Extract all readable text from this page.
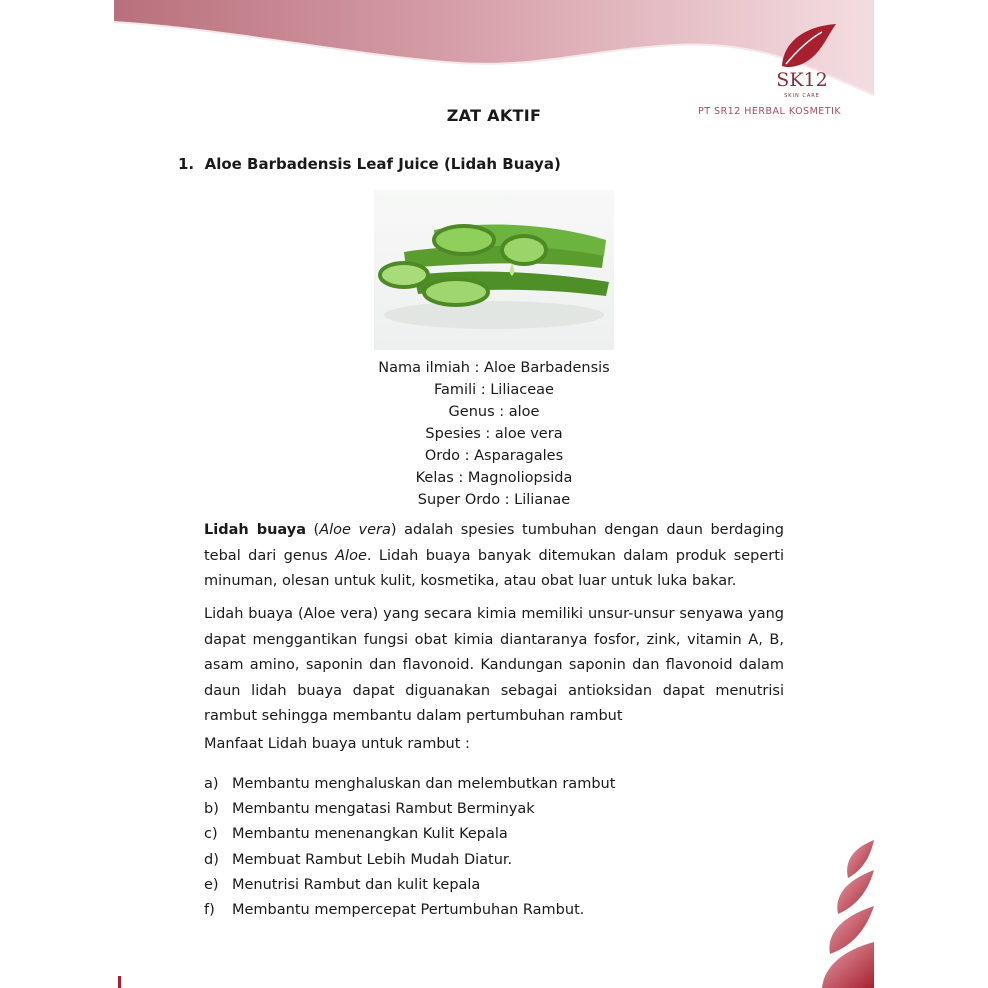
SK12
SKIN CARE
PT SR12 HERBAL KOSMETIK
ZAT AKTIF
1. Aloe Barbadensis Leaf Juice (Lidah Buaya)
Nama ilmiah : Aloe Barbadensis
Famili : Liliaceae
Genus : aloe
Spesies : aloe vera
Ordo : Asparagales
Kelas : Magnoliopsida
Super Ordo : Lilianae

Lidah buaya (Aloe vera) adalah spesies tumbuhan dengan daun berdaging tebal dari genus Aloe. Lidah buaya banyak ditemukan dalam produk seperti minuman, olesan untuk kulit, kosmetika, atau obat luar untuk luka bakar.

Lidah buaya (Aloe vera) yang secara kimia memiliki unsur-unsur senyawa yang dapat menggantikan fungsi obat kimia diantaranya fosfor, zink, vitamin A, B, asam amino, saponin dan flavonoid. Kandungan saponin dan flavonoid dalam daun lidah buaya dapat diguanakan sebagai antioksidan dapat menutrisi rambut sehingga membantu dalam pertumbuhan rambut

Manfaat Lidah buaya untuk rambut :
a) Membantu menghaluskan dan melembutkan rambut
b) Membantu mengatasi Rambut Berminyak
c) Membantu menenangkan Kulit Kepala
d) Membuat Rambut Lebih Mudah Diatur.
e) Menutrisi Rambut dan kulit kepala
f)	Membantu mempercepat Pertumbuhan Rambut.
